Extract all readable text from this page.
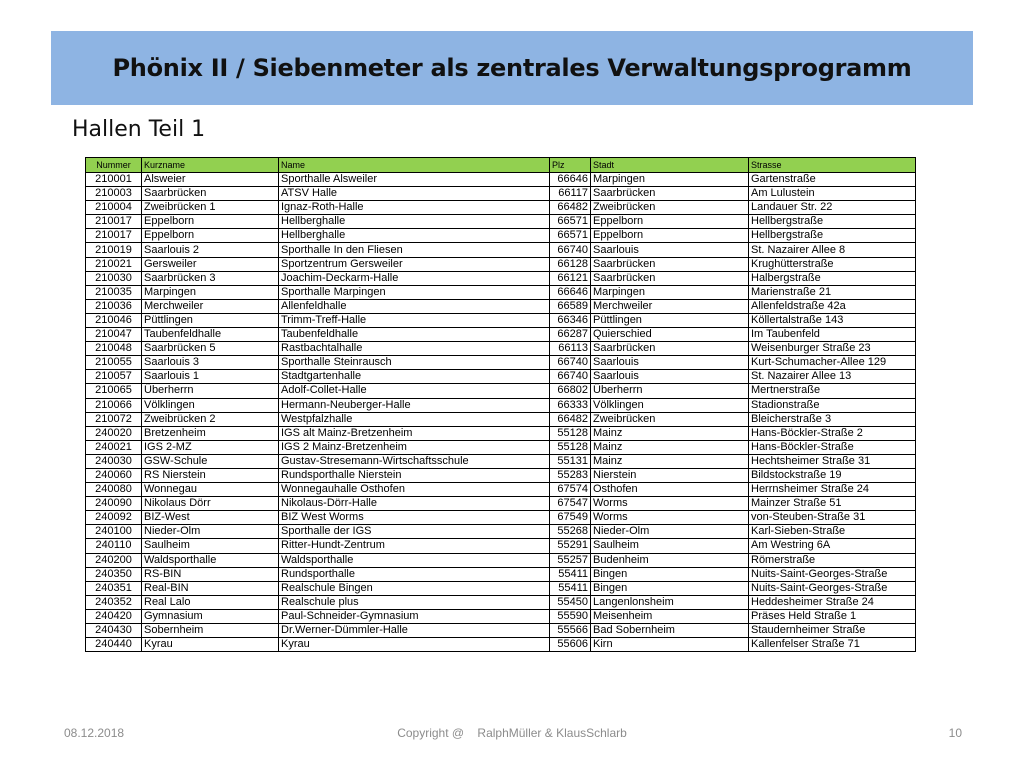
Phönix II / Siebenmeter als zentrales Verwaltungsprogramm
Hallen Teil 1
Nummer	Kurzname	Name	Plz	Stadt	Strasse
210001	Alsweier	Sporthalle Alsweiler	66646	Marpingen	Gartenstraße
210003	Saarbrücken	ATSV Halle	66117	Saarbrücken	Am Lulustein
210004	Zweibrücken 1	Ignaz-Roth-Halle	66482	Zweibrücken	Landauer Str. 22
210017	Eppelborn	Hellberghalle	66571	Eppelborn	Hellbergstraße
210017	Eppelborn	Hellberghalle	66571	Eppelborn	Hellbergstraße
210019	Saarlouis 2	Sporthalle In den Fliesen	66740	Saarlouis	St. Nazairer Allee 8
210021	Gersweiler	Sportzentrum Gersweiler	66128	Saarbrücken	Krughütterstraße
210030	Saarbrücken 3	Joachim-Deckarm-Halle	66121	Saarbrücken	Halbergstraße
210035	Marpingen	Sporthalle Marpingen	66646	Marpingen	Marienstraße 21
210036	Merchweiler	Allenfeldhalle	66589	Merchweiler	Allenfeldstraße 42a
210046	Püttlingen	Trimm-Treff-Halle	66346	Püttlingen	Köllertalstraße 143
210047	Taubenfeldhalle	Taubenfeldhalle	66287	Quierschied	Im Taubenfeld
210048	Saarbrücken 5	Rastbachtalhalle	66113	Saarbrücken	Weisenburger Straße 23
210055	Saarlouis 3	Sporthalle Steinrausch	66740	Saarlouis	Kurt-Schumacher-Allee 129
210057	Saarlouis 1	Stadtgartenhalle	66740	Saarlouis	St. Nazairer Allee 13
210065	Überherrn	Adolf-Collet-Halle	66802	Überherrn	Mertnerstraße
210066	Völklingen	Hermann-Neuberger-Halle	66333	Völklingen	Stadionstraße
210072	Zweibrücken 2	Westpfalzhalle	66482	Zweibrücken	Bleicherstraße 3
240020	Bretzenheim	IGS alt Mainz-Bretzenheim	55128	Mainz	Hans-Böckler-Straße 2
240021	IGS 2-MZ	IGS 2 Mainz-Bretzenheim	55128	Mainz	Hans-Böckler-Straße
240030	GSW-Schule	Gustav-Stresemann-Wirtschaftsschule	55131	Mainz	Hechtsheimer Straße 31
240060	RS Nierstein	Rundsporthalle Nierstein	55283	Nierstein	Bildstockstraße 19
240080	Wonnegau	Wonnegauhalle Osthofen	67574	Osthofen	Herrnsheimer Straße 24
240090	Nikolaus Dörr	Nikolaus-Dörr-Halle	67547	Worms	Mainzer Straße 51
240092	BIZ-West	BIZ West Worms	67549	Worms	von-Steuben-Straße 31
240100	Nieder-Olm	Sporthalle der IGS	55268	Nieder-Olm	Karl-Sieben-Straße
240110	Saulheim	Ritter-Hundt-Zentrum	55291	Saulheim	Am Westring 6A
240200	Waldsporthalle	Waldsporthalle	55257	Budenheim	Römerstraße
240350	RS-BIN	Rundsporthalle	55411	Bingen	Nuits-Saint-Georges-Straße
240351	Real-BIN	Realschule Bingen	55411	Bingen	Nuits-Saint-Georges-Straße
240352	Real Lalo	Realschule plus	55450	Langenlonsheim	Heddesheimer Straße 24
240420	Gymnasium	Paul-Schneider-Gymnasium	55590	Meisenheim	Präses Held Straße 1
240430	Sobernheim	Dr.Werner-Dümmler-Halle	55566	Bad Sobernheim	Staudernheimer Straße
240440	Kyrau	Kyrau	55606	Kirn	Kallenfelser Straße 71
08.12.2018	Copyright @    RalphMüller & KlausSchlarb	10
